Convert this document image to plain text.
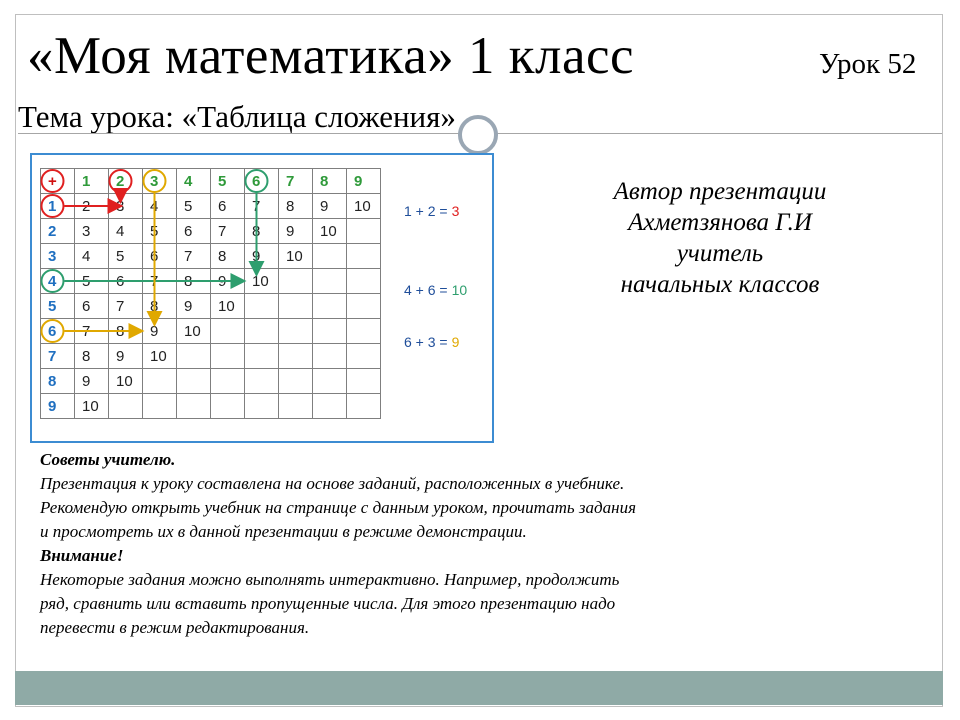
«Моя математика» 1 класс	Урок 52
Тема урока: «Таблица сложения»
+	1	2	3	4	5	6	7	8	9
1	2	3	4	5	6	7	8	9	10
2	3	4	5	6	7	8	9	10	
3	4	5	6	7	8	9	10		
4	5	6	7	8	9	10			
5	6	7	8	9	10				
6	7	8	9	10					
7	8	9	10						
8	9	10							
9	10								
1 + 2 = 3
4 + 6 = 10
6 + 3 = 9
Автор презентации
Ахметзянова Г.И
учитель
начальных классов
Советы учителю.
Презентация к уроку составлена на основе заданий, расположенных в учебнике.
Рекомендую открыть учебник на странице с данным уроком, прочитать задания
и просмотреть их в данной презентации в режиме демонстрации.
Внимание!
Некоторые задания можно выполнять интерактивно. Например, продолжить
ряд, сравнить или вставить пропущенные числа. Для этого презентацию надо
перевести в режим редактирования.
